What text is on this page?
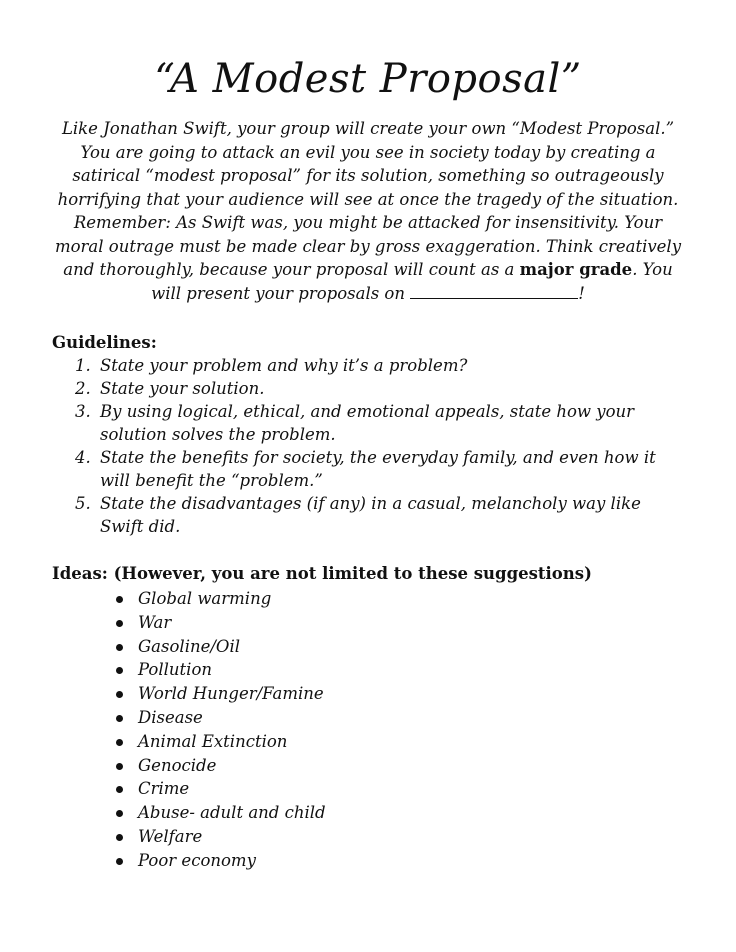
“A Modest Proposal”

Like Jonathan Swift, your group will create your own “Modest Proposal.” You are going to attack an evil you see in society today by creating a satirical “modest proposal” for its solution, something so outrageously horrifying that your audience will see at once the tragedy of the situation. Remember: As Swift was, you might be attacked for insensitivity. Your moral outrage must be made clear by gross exaggeration. Think creatively and thoroughly, because your proposal will count as a major grade. You will present your proposals on	!

Guidelines:
1. State your problem and why it’s a problem?
2. State your solution.
3. By using logical, ethical, and emotional appeals, state how your solution solves the problem.
4. State the benefits for society, the everyday family, and even how it will benefit the “problem.”
5. State the disadvantages (if any) in a casual, melancholy way like Swift did.
Ideas: (However, you are not limited to these suggestions)
Global warming
War
Gasoline/Oil
Pollution
World Hunger/Famine
Disease
Animal Extinction
Genocide
Crime
Abuse- adult and child
Welfare
Poor economy
